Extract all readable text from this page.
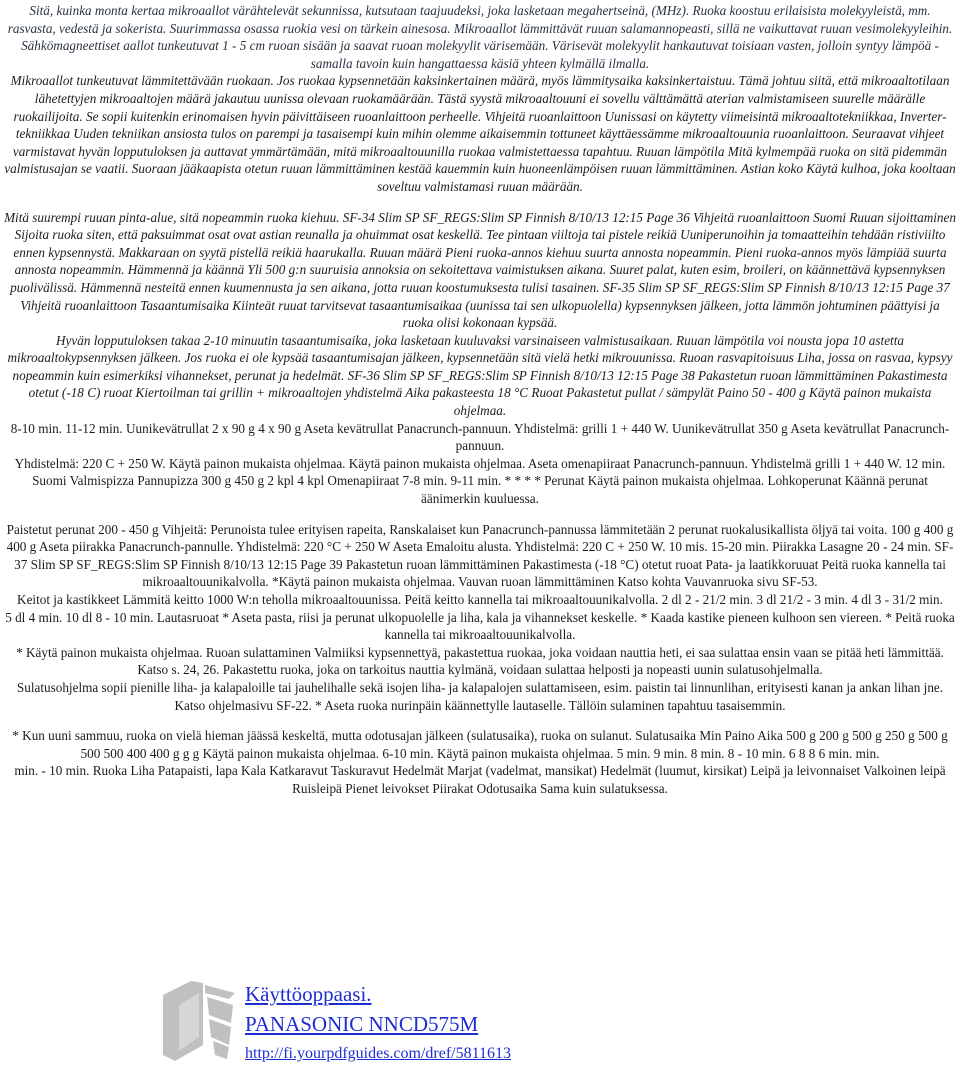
Sitä, kuinka monta kertaa mikroaallot värähtelevät sekunnissa, kutsutaan taajuudeksi, joka lasketaan megahertseinä, (MHz). Ruoka koostuu erilaisista molekyyleistä, mm.

rasvasta, vedestä ja sokerista. Suurimmassa osassa ruokia vesi on tärkein ainesosa. Mikroaallot lämmittävät ruuan salamannopeasti, sillä ne vaikuttavat ruuan vesimolekyyleihin. Sähkömagneettiset aallot tunkeutuvat 1 - 5 cm ruoan sisään ja saavat ruoan molekyylit värisemään. Värisevät molekyylit hankautuvat toisiaan vasten, jolloin syntyy lämpöä - samalla tavoin kuin hangattaessa käsiä yhteen kylmällä ilmalla.

Mikroaallot tunkeutuvat lämmitettävään ruokaan. Jos ruokaa kypsennetään kaksinkertainen määrä, myös lämmitysaika kaksinkertaistuu. Tämä johtuu siitä, että mikroaaltotilaan lähetettyjen mikroaaltojen määrä jakautuu uunissa olevaan ruokamäärään. Tästä syystä mikroaaltouuni ei sovellu välttämättä aterian valmistamiseen suurelle määrälle ruokailijoita. Se sopii kuitenkin erinomaisen hyvin päivittäiseen ruoanlaittoon perheelle. Vihjeitä ruoanlaittoon Uunissasi on käytetty viimeisintä mikroaaltotekniikkaa, Inverter-tekniikkaa Uuden tekniikan ansiosta tulos on parempi ja tasaisempi kuin mihin olemme aikaisemmin tottuneet käyttäessämme mikroaaltouunia ruoanlaittoon. Seuraavat vihjeet varmistavat hyvän lopputuloksen ja auttavat ymmärtämään, mitä mikroaaltouunilla ruokaa valmistettaessa tapahtuu. Ruuan lämpötila Mitä kylmempää ruoka on sitä pidemmän valmistusajan se vaatii. Suoraan jääkaapista otetun ruuan lämmittäminen kestää kauemmin kuin huoneenlämpöisen ruuan lämmittäminen. Astian koko Käytä kulhoa, joka kooltaan soveltuu valmistamasi ruuan määrään.

Mitä suurempi ruuan pinta-alue, sitä nopeammin ruoka kiehuu. SF-34 Slim SP SF_REGS:Slim SP Finnish 8/10/13 12:15 Page 36 Vihjeitä ruoanlaittoon Suomi Ruuan sijoittaminen Sijoita ruoka siten, että paksuimmat osat ovat astian reunalla ja ohuimmat osat keskellä. Tee pintaan viiltoja tai pistele reikiä Uuniperunoihin ja tomaatteihin tehdään ristiviilto ennen kypsennystä. Makkaraan on syytä pistellä reikiä haarukalla. Ruuan määrä Pieni ruoka-annos kiehuu suurta annosta nopeammin. Pieni ruoka-annos myös lämpiää suurta annosta nopeammin. Hämmennä ja käännä Yli 500 g:n suuruisia annoksia on sekoitettava vaimistuksen aikana. Suuret palat, kuten esim, broileri, on käännettävä kypsennyksen puolivälissä. Hämmennä nesteitä ennen kuumennusta ja sen aikana, jotta ruuan koostumuksesta tulisi tasainen. SF-35 Slim SP SF_REGS:Slim SP Finnish 8/10/13 12:15 Page 37 Vihjeitä ruoanlaittoon Tasaantumisaika Kiinteät ruuat tarvitsevat tasaantumisaikaa (uunissa tai sen ulkopuolella) kypsennyksen jälkeen, jotta lämmön johtuminen päättyisi ja ruoka olisi kokonaan kypsää.

Hyvän lopputuloksen takaa 2-10 minuutin tasaantumisaika, joka lasketaan kuuluvaksi varsinaiseen valmistusaikaan. Ruuan lämpötila voi nousta jopa 10 astetta mikroaaltokypsennyksen jälkeen. Jos ruoka ei ole kypsää tasaantumisajan jälkeen, kypsennetään sitä vielä hetki mikrouunissa. Ruoan rasvapitoisuus Liha, jossa on rasvaa, kypsyy nopeammin kuin esimerkiksi vihannekset, perunat ja hedelmät. SF-36 Slim SP SF_REGS:Slim SP Finnish 8/10/13 12:15 Page 38 Pakastetun ruoan lämmittäminen Pakastimesta otetut (-18 C) ruoat Kiertoilman tai grillin + mikroaaltojen yhdistelmä Aika pakasteesta 18 °C Ruoat Pakastetut pullat / sämpylät Paino 50 - 400 g Käytä painon mukaista ohjelmaa.

8-10 min. 11-12 min. Uunikevätrullat 2 x 90 g 4 x 90 g Aseta kevätrullat Panacrunch-pannuun. Yhdistelmä: grilli 1 + 440 W. Uunikevätrullat 350 g Aseta kevätrullat Panacrunch-pannuun.

Yhdistelmä: 220 C + 250 W. Käytä painon mukaista ohjelmaa. Käytä painon mukaista ohjelmaa. Aseta omenapiiraat Panacrunch-pannuun. Yhdistelmä grilli 1 + 440 W. 12 min. Suomi Valmispizza Pannupizza 300 g 450 g 2 kpl 4 kpl Omenapiiraat 7-8 min. 9-11 min. * * * * Perunat Käytä painon mukaista ohjelmaa. Lohkoperunat Käännä perunat äänimerkin kuuluessa.

Paistetut perunat 200 - 450 g Vihjeitä: Perunoista tulee erityisen rapeita, Ranskalaiset kun Panacrunch-pannussa lämmitetään 2 perunat ruokalusikallista öljyä tai voita. 100 g 400 g 400 g Aseta piirakka Panacrunch-pannulle. Yhdistelmä: 220 °C + 250 W Aseta Emaloitu alusta. Yhdistelmä: 220 C + 250 W. 10 mis. 15-20 min. Piirakka Lasagne 20 - 24 min. SF-37 Slim SP SF_REGS:Slim SP Finnish 8/10/13 12:15 Page 39 Pakastetun ruoan lämmittäminen Pakastimesta (-18 °C) otetut ruoat Pata- ja laatikkoruuat Peitä ruoka kannella tai mikroaaltouunikalvolla. *Käytä painon mukaista ohjelmaa. Vauvan ruoan lämmittäminen Katso kohta Vauvanruoka sivu SF-53.

Keitot ja kastikkeet Lämmitä keitto 1000 W:n teholla mikroaaltouunissa. Peitä keitto kannella tai mikroaaltouunikalvolla. 2 dl 2 - 21/2 min. 3 dl 21/2 - 3 min. 4 dl 3 - 31/2 min.

5 dl 4 min. 10 dl 8 - 10 min. Lautasruoat * Aseta pasta, riisi ja perunat ulkopuolelle ja liha, kala ja vihannekset keskelle. * Kaada kastike pieneen kulhoon sen viereen. * Peitä ruoka kannella tai mikroaaltouunikalvolla.

* Käytä painon mukaista ohjelmaa. Ruoan sulattaminen Valmiiksi kypsennettyä, pakastettua ruokaa, joka voidaan nauttia heti, ei saa sulattaa ensin vaan se pitää heti lämmittää. Katso s. 24, 26. Pakastettu ruoka, joka on tarkoitus nauttia kylmänä, voidaan sulattaa helposti ja nopeasti uunin sulatusohjelmalla.

Sulatusohjelma sopii pienille liha- ja kalapaloille tai jauhelihalle sekä isojen liha- ja kalapalojen sulattamiseen, esim. paistin tai linnunlihan, erityisesti kanan ja ankan lihan jne. Katso ohjelmasivu SF-22. * Aseta ruoka nurinpäin käännettylle lautaselle. Tällöin sulaminen tapahtuu tasaisemmin.

* Kun uuni sammuu, ruoka on vielä hieman jäässä keskeltä, mutta odotusajan jälkeen (sulatusaika), ruoka on sulanut. Sulatusaika Min Paino Aika 500 g 200 g 500 g 250 g 500 g 500 500 400 400 g g g Käytä painon mukaista ohjelmaa. 6-10 min. Käytä painon mukaista ohjelmaa. 5 min. 9 min. 8 min. 8 - 10 min. 6 8 8 6 min. min.

min. - 10 min. Ruoka Liha Patapaisti, lapa Kala Katkaravut Taskuravut Hedelmät Marjat (vadelmat, mansikat) Hedelmät (luumut, kirsikat) Leipä ja leivonnaiset Valkoinen leipä Ruisleipä Pienet leivokset Piirakat Odotusaika Sama kuin sulatuksessa.

Käyttöoppaasi.
PANASONIC NNCD575M
http://fi.yourpdfguides.com/dref/5811613
